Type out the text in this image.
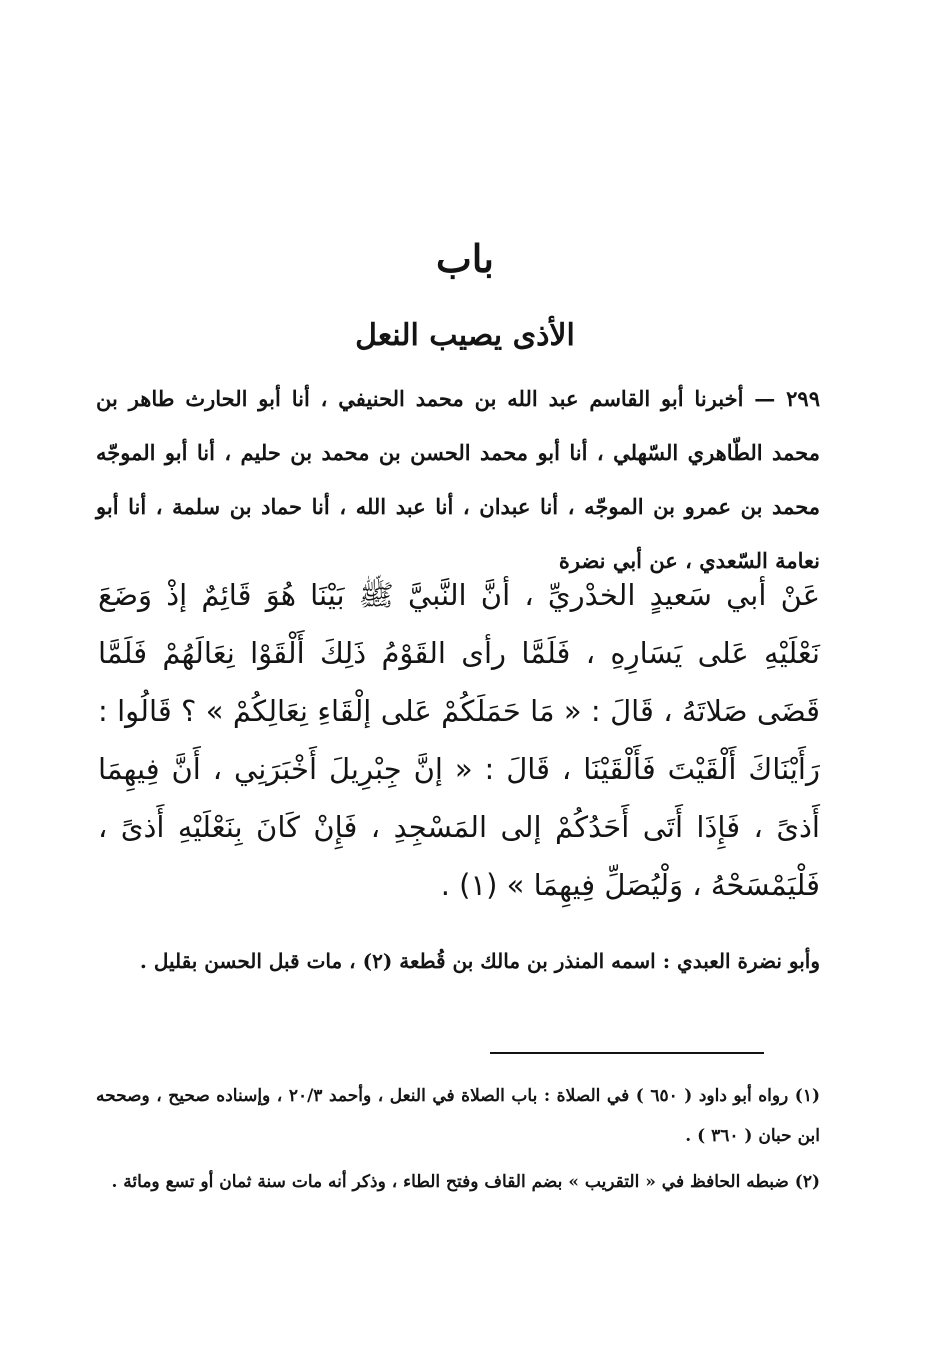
باب
الأذى يصيب النعل

٢٩٩ — أخبرنا أبو القاسم عبد الله بن محمد الحنيفي ، أنا أبو الحارث طاهر بن محمد الطّاهري السّهلي ، أنا أبو محمد الحسن بن محمد بن حليم ، أنا أبو الموجّه محمد بن عمرو بن الموجّه ، أنا عبدان ، أنا عبد الله ، أنا حماد بن سلمة ، أنا أبو نعامة السّعدي ، عن أبي نضرة

عَنْ أبي سَعيدٍ الخدْريِّ ، أنَّ النَّبيَّ ﷺ بَيْنَا هُوَ قَائِمٌ إذْ وَضَعَ نَعْلَيْهِ عَلى يَسَارِهِ ، فَلَمَّا رأى القَوْمُ ذَلِكَ أَلْقَوْا نِعَالَهُمْ فَلَمَّا قَضَى صَلاتَهُ ، قَالَ : « مَا حَمَلَكُمْ عَلى إلْقَاءِ نِعَالِكُمْ » ؟ قَالُوا : رَأَيْنَاكَ أَلْقَيْتَ فَأَلْقَيْنَا ، قَالَ : « إنَّ جِبْرِيلَ أَخْبَرَنِي ، أَنَّ فِيهِمَا أَذىً ، فَإِذَا أَتَى أَحَدُكُمْ إلى المَسْجِدِ ، فَإِنْ كَانَ بِنَعْلَيْهِ أَذىً ، فَلْيَمْسَحْهُ ، وَلْيُصَلِّ فِيهِمَا » (١) .

وأبو نضرة العبدي : اسمه المنذر بن مالك بن قُطعة (٢) ، مات قبل الحسن بقليل .

(١) رواه أبو داود ( ٦٥٠ ) في الصلاة : باب الصلاة في النعل ، وأحمد ٢٠/٣ ، وإسناده صحيح ، وصححه ابن حبان ( ٣٦٠ ) .
(٢) ضبطه الحافظ في « التقريب » بضم القاف وفتح الطاء ، وذكر أنه مات سنة ثمان أو تسع ومائة .
